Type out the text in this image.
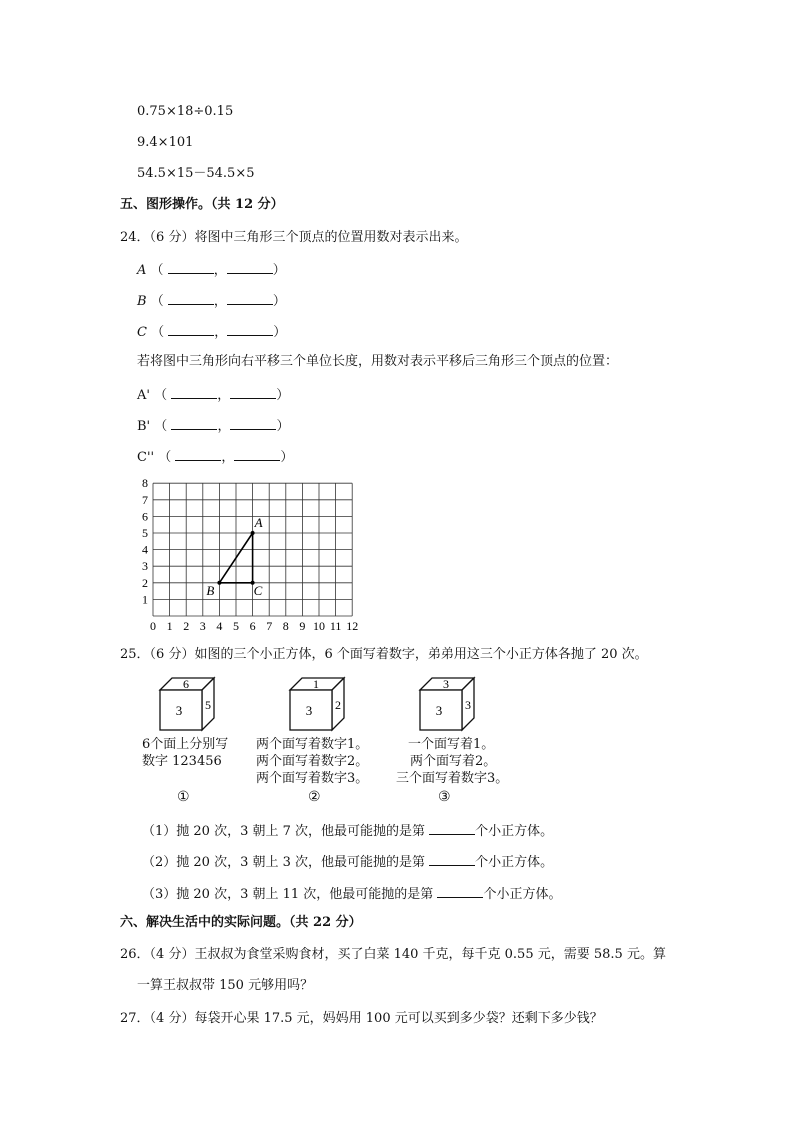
0.75×18÷0.15
9.4×101
54.5×15－54.5×5
五、图形操作。（共 12 分）
24．（6 分）将图中三角形三个顶点的位置用数对表示出来。
A （	，	）
B （	，	）
C （	，	）
若将图中三角形向右平移三个单位长度，用数对表示平移后三角形三个顶点的位置：
A' （	，	）
B' （	，	）
C'' （	，	）
0 1 2 3 4 5 6 7 8 9 10 11 12
1
2
3
4
5
6
7
8
A
B	C
25．（6 分）如图的三个小正方体，6 个面写着数字，弟弟用这三个小正方体各抛了 20 次。
6
3 5
1
3 2
3
3 3
6个面上分别写
数字 123456
两个面写着数字1。
两个面写着数字2。
两个面写着数字3。
一个面写着1。
两个面写着2。
三个面写着数字3。
①	②	③
（1）抛 20 次，3 朝上 7 次，他最可能抛的是第	个小正方体。
（2）抛 20 次，3 朝上 3 次，他最可能抛的是第	个小正方体。
（3）抛 20 次，3 朝上 11 次，他最可能抛的是第	个小正方体。
六、解决生活中的实际问题。（共 22 分）
26．（4 分）王叔叔为食堂采购食材，买了白菜 140 千克，每千克 0.55 元，需要 58.5 元。算
一算王叔叔带 150 元够用吗？
27．（4 分）每袋开心果 17.5 元，妈妈用 100 元可以买到多少袋？还剩下多少钱？
